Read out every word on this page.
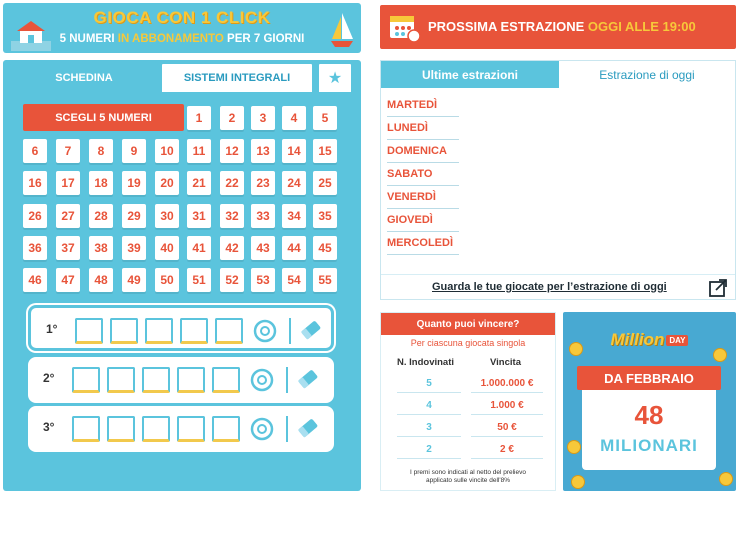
GIOCA CON 1 CLICK
5 NUMERI IN ABBONAMENTO PER 7 GIORNI
SCHEDINA	SISTEMI INTEGRALI	★
SCEGLI 5 NUMERI	1	2	3	4	5
6	7	8	9	10	11	12	13	14	15
16	17	18	19	20	21	22	23	24	25
26	27	28	29	30	31	32	33	34	35
36	37	38	39	40	41	42	43	44	45
46	47	48	49	50	51	52	53	54	55
1°
2°
3°
i	AGGIUNGI GIOCATA +
PROSSIMA ESTRAZIONE OGGI ALLE 19:00
Ultime estrazioni	Estrazione di oggi
MARTEDÌ
LUNEDÌ
DOMENICA
SABATO
VENERDÌ
GIOVEDÌ
MERCOLEDÌ
Guarda le tue giocate per l’estrazione di oggi
Quanto puoi vincere?
Per ciascuna giocata singola
N. Indovinati	Vincita
5	1.000.000 €
4	1.000 €
3	50 €
2	2 €
I premi sono indicati al netto del prelievo
applicato sulle vincite dell'8%
Million DAY
DA FEBBRAIO
48
MILIONARI
